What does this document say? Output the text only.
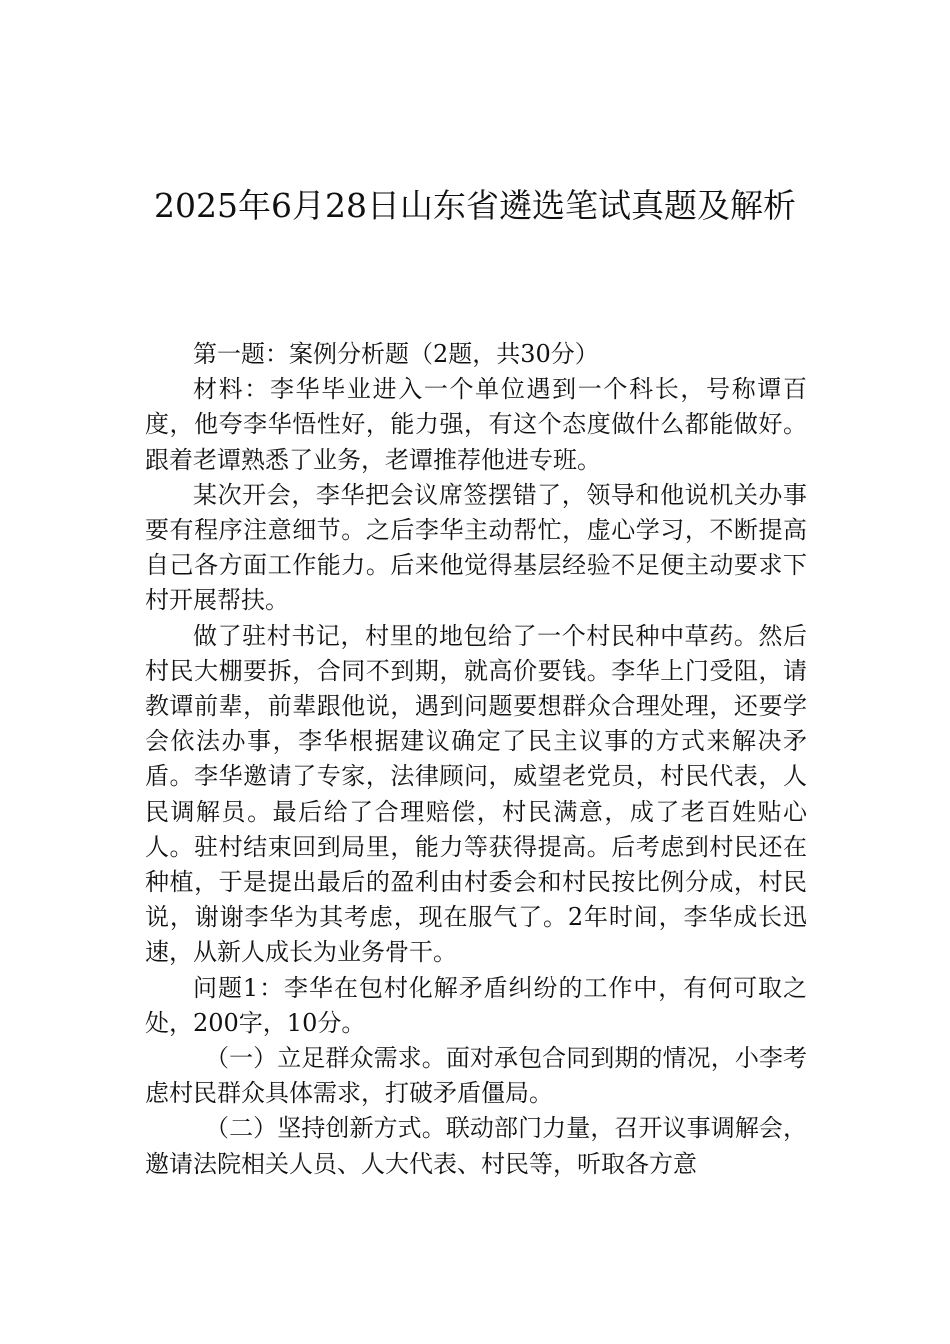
2025年6月28日山东省遴选笔试真题及解析

第一题：案例分析题（2题，共30分）

材料：李华毕业进入一个单位遇到一个科长，号称谭百度，他夸李华悟性好，能力强，有这个态度做什么都能做好。跟着老谭熟悉了业务，老谭推荐他进专班。

某次开会，李华把会议席签摆错了，领导和他说机关办事要有程序注意细节。之后李华主动帮忙，虚心学习，不断提高自己各方面工作能力。后来他觉得基层经验不足便主动要求下村开展帮扶。

做了驻村书记，村里的地包给了一个村民种中草药。然后村民大棚要拆，合同不到期，就高价要钱。李华上门受阻，请教谭前辈，前辈跟他说，遇到问题要想群众合理处理，还要学会依法办事，李华根据建议确定了民主议事的方式来解决矛盾。李华邀请了专家，法律顾问，威望老党员，村民代表，人民调解员。最后给了合理赔偿，村民满意，成了老百姓贴心人。驻村结束回到局里，能力等获得提高。后考虑到村民还在种植，于是提出最后的盈利由村委会和村民按比例分成，村民说，谢谢李华为其考虑，现在服气了。2年时间，李华成长迅速，从新人成长为业务骨干。

问题1：李华在包村化解矛盾纠纷的工作中，有何可取之处，200字，10分。

（一）立足群众需求。面对承包合同到期的情况，小李考虑村民群众具体需求，打破矛盾僵局。

（二）坚持创新方式。联动部门力量，召开议事调解会，邀请法院相关人员、人大代表、村民等，听取各方意
